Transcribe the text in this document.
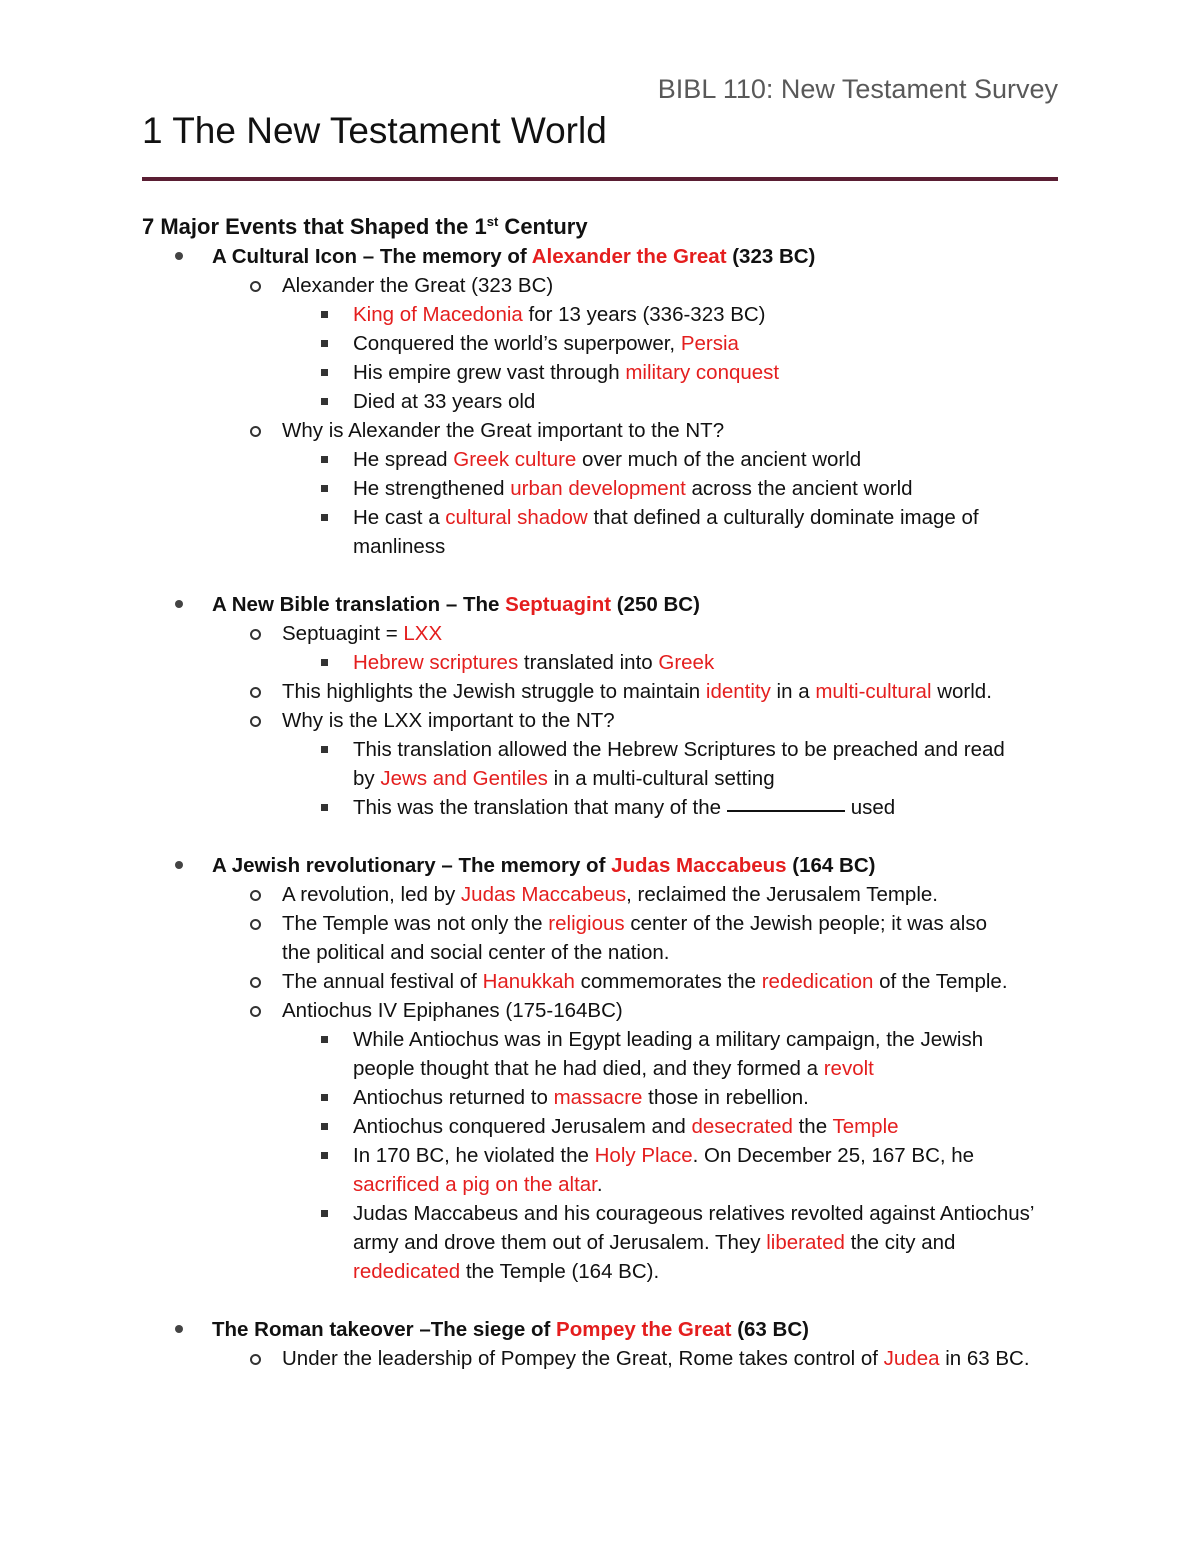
BIBL 110: New Testament Survey
1 The New Testament World
7 Major Events that Shaped the 1st Century
A Cultural Icon – The memory of Alexander the Great (323 BC)
Alexander the Great (323 BC)
King of Macedonia for 13 years (336-323 BC)
Conquered the world’s superpower, Persia
His empire grew vast through military conquest
Died at 33 years old
Why is Alexander the Great important to the NT?
He spread Greek culture over much of the ancient world
He strengthened urban development across the ancient world
He cast a cultural shadow that defined a culturally dominate image of
manliness
A New Bible translation – The Septuagint (250 BC)
Septuagint = LXX
Hebrew scriptures translated into Greek
This highlights the Jewish struggle to maintain identity in a multi-cultural world.
Why is the LXX important to the NT?
This translation allowed the Hebrew Scriptures to be preached and read
by Jews and Gentiles in a multi-cultural setting
This was the translation that many of the	used
A Jewish revolutionary – The memory of Judas Maccabeus (164 BC)
A revolution, led by Judas Maccabeus, reclaimed the Jerusalem Temple.
The Temple was not only the religious center of the Jewish people; it was also
the political and social center of the nation.
The annual festival of Hanukkah commemorates the rededication of the Temple.
Antiochus IV Epiphanes (175-164BC)
While Antiochus was in Egypt leading a military campaign, the Jewish
people thought that he had died, and they formed a revolt
Antiochus returned to massacre those in rebellion.
Antiochus conquered Jerusalem and desecrated the Temple
In 170 BC, he violated the Holy Place. On December 25, 167 BC, he
sacrificed a pig on the altar.
Judas Maccabeus and his courageous relatives revolted against Antiochus’
army and drove them out of Jerusalem. They liberated the city and
rededicated the Temple (164 BC).
The Roman takeover –The siege of Pompey the Great (63 BC)
Under the leadership of Pompey the Great, Rome takes control of Judea in 63 BC.
